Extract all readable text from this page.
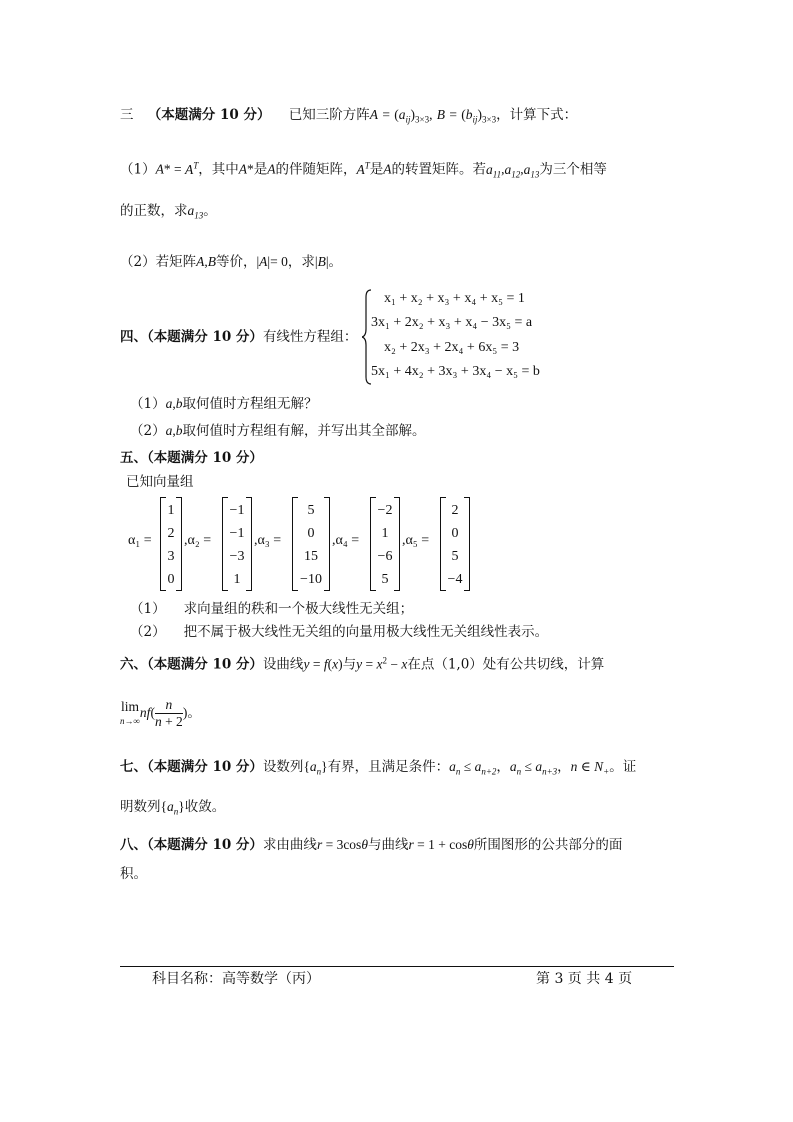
三 （本题满分 10 分） 已知三阶方阵$A = (a_{ij})_{3\times 3}$, $B = (b_{ij})_{3\times 3}$，计算下式：
$(1)A* = A^T$，其中A*是A的伴随矩阵，$A^T$是A的转置矩阵。若$a_{11},a_{12},a_{13}$为三个相等
的正数，求$a_{13}$。
（2）若矩阵A,B等价，|A|= 0，求|B|。
四、（本题满分 10 分）有线性方程组：
x₁ + x₂ + x₃ + x₄ + x₅ = 1
3x₁ + 2x₂ + x₃ + x₄ − 3x₅ = a
x₂ + 2x₃ + 2x₄ + 6x₅ = 3
5x₁ + 4x₂ + 3x₃ + 3x₄ − x₅ = b
（1）a,b取何值时方程组无解？
（2）a,b取何值时方程组有解，并写出其全部解。
五、（本题满分 10 分）
已知向量组
α₁ =
1
2
3
0
,α₂ =
−1
−1
−3
1
,α₃ =
5
0
15
−10
,α₄ =
−2
1
−6
5
,α₅ =
2
0
5
−4
（1） 求向量组的秩和一个极大线性无关组；
（2） 把不属于极大线性无关组的向量用极大线性无关组线性表示。
六、（本题满分 10 分）设曲线y = f(x)与$y = x^2 - x$在点（1,0）处有公共切线，计算
lim
n→∞
$nf( \frac{n}{n + 2}$ )。
七、（本题满分 10 分）设数列$\{a_n\}$有界，且满足条件：$a_n \le a_{n+2}$，$a_n \le a_{n+3}$，n ∈ $N_+$。证
明数列$\{a_n\}$收敛。
八、（本题满分 10 分）求由曲线r = 3cosθ与曲线r = 1 + cosθ所围图形的公共部分的面
积。
科目名称：高等数学（丙）	第 3 页 共 4 页
